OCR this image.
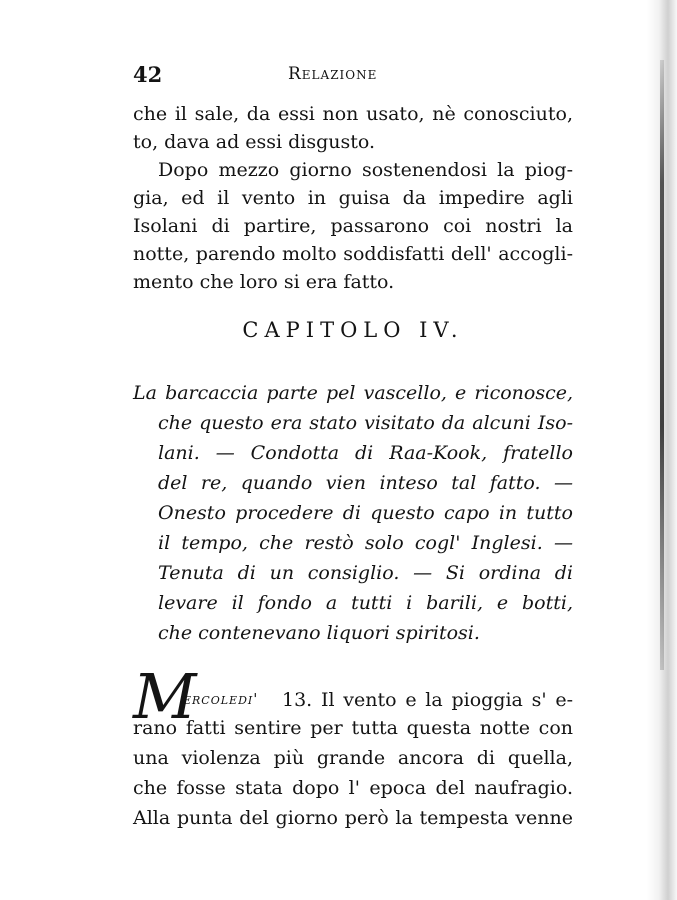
42	Relazione
che il sale, da essi non usato, nè conosciuto,
to, dava ad essi disgusto.
Dopo mezzo giorno sostenendosi la piog-
gia, ed il vento in guisa da impedire agli
Isolani di partire, passarono coi nostri la
notte, parendo molto soddisfatti dell' accogli-
mento che loro si era fatto.
CAPITOLO IV.
La barcaccia parte pel vascello, e riconosce,
che questo era stato visitato da alcuni Iso-
lani. — Condotta di Raa-Kook, fratello
del re, quando vien inteso tal fatto. —
Onesto procedere di questo capo in tutto
il tempo, che restò solo cogl' Inglesi. —
Tenuta di un consiglio. — Si ordina di
levare il fondo a tutti i barili, e botti,
che contenevano liquori spiritosi.
M
ercoledi' 13. Il vento e la pioggia s' e-
rano fatti sentire per tutta questa notte con
una violenza più grande ancora di quella,
che fosse stata dopo l' epoca del naufragio.
Alla punta del giorno però la tempesta venne
